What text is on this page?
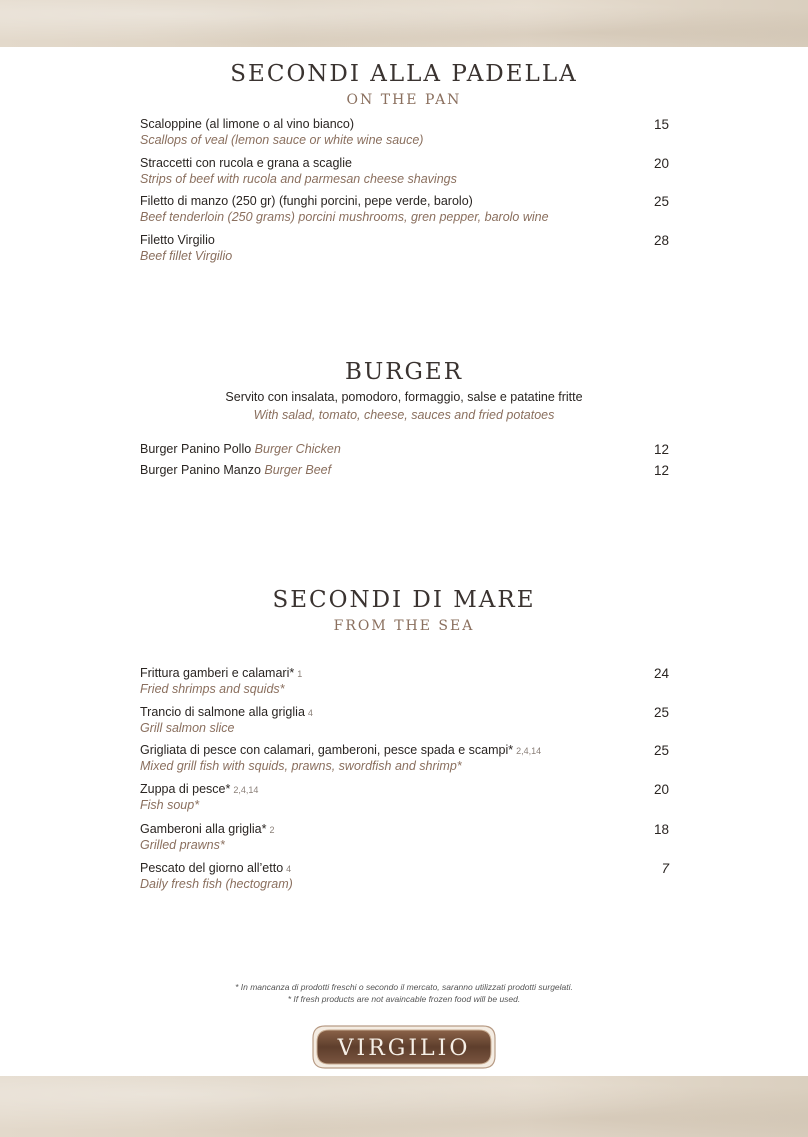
SECONDI ALLA PADELLA
ON THE PAN
Scaloppine (al limone o al vino bianco)
Scallops of veal (lemon sauce or white wine sauce)
15
Straccetti con rucola e grana a scaglie
Strips of beef with rucola and parmesan cheese shavings
20
Filetto di manzo (250 gr) (funghi porcini, pepe verde, barolo)
Beef tenderloin (250 grams) porcini mushrooms, gren pepper, barolo wine
25
Filetto Virgilio
Beef fillet Virgilio
28
BURGER
Servito con insalata, pomodoro, formaggio, salse e patatine fritte
With salad, tomato, cheese, sauces and fried potatoes
Burger Panino Pollo Burger Chicken	12
Burger Panino Manzo Burger Beef	12
SECONDI DI MARE
FROM THE SEA
Frittura gamberi e calamari* 1
Fried shrimps and squids*
24
Trancio di salmone alla griglia 4
Grill salmon slice
25
Grigliata di pesce con calamari, gamberoni, pesce spada e scampi* 2,4,14
Mixed grill fish with squids, prawns, swordfish and shrimp*
25
Zuppa di pesce* 2,4,14
Fish soup*
20
Gamberoni alla griglia* 2
Grilled prawns*
18
Pescato del giorno all’etto 4
Daily fresh fish (hectogram)
7
* In mancanza di prodotti freschi o secondo il mercato, saranno utilizzati prodotti surgelati.
* If fresh products are not avaincable frozen food will be used.
VIRGILIO
